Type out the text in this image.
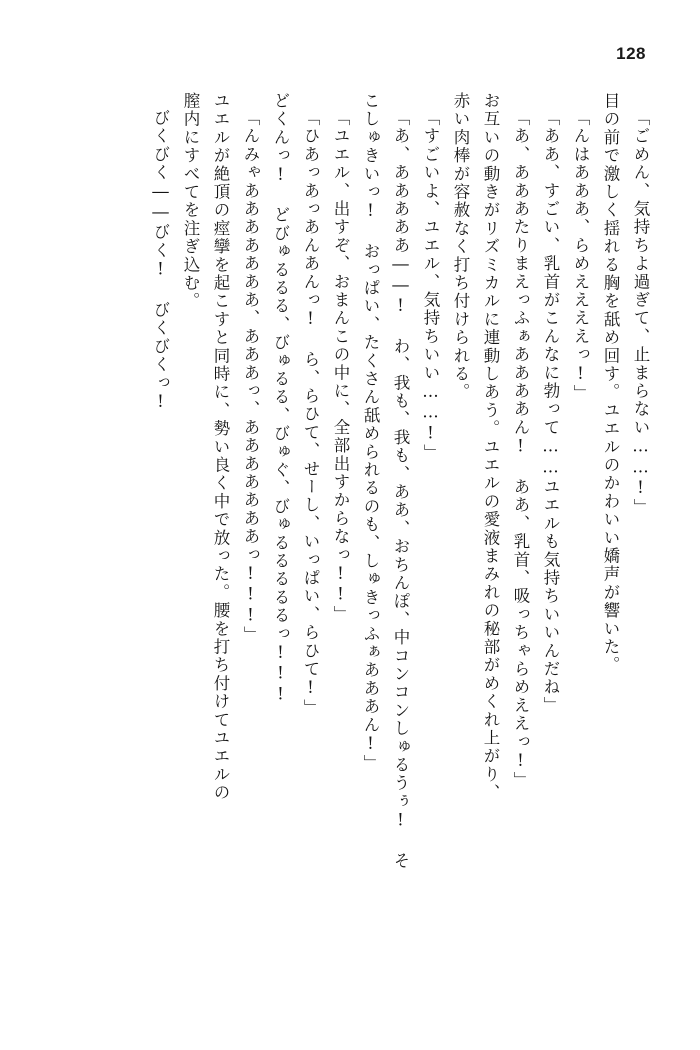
128
「ごめん、気持ちよ過ぎて、止まらない……!」
目の前で激しく揺れる胸を舐め回す。ユエルのかわいい嬌声が響いた。
「んはあああ、らめええええっ!」
「ああ、すごい、乳首がこんなに勃って……ユエルも気持ちいいんだね」
「あ、あああたりまえっふぁああああん! ああ、乳首、吸っちゃらめええっ!」
お互いの動きがリズミカルに連動しあう。ユエルの愛液まみれの秘部がめくれ上がり、
赤い肉棒が容赦なく打ち付けられる。
「すごいよ、ユエル、気持ちいい……!」
「あ、あああああ――! わ、我も、我も、ああ、おちんぽ、中コンコンしゅるうぅ! そ
こしゅきいっ! おっぱい、たくさん舐められるのも、しゅきっふぁあああん!」
「ユエル、出すぞ、おまんこの中に、全部出すからなっ!!」
「ひあっあっあんあんっ! ら、らひて、せーし、いっぱい、らひて!」
どくんっ! どびゅるるる、びゅるる、びゅぐ、びゅるるるるるっ!!!
「んみゃあああああああ、あああっ、あああああああっ!!!」
ユエルが絶頂の痙攣を起こすと同時に、勢い良く中で放った。腰を打ち付けてユエルの
膣内にすべてを注ぎ込む。
びくびく――びく! びくびくっ!
